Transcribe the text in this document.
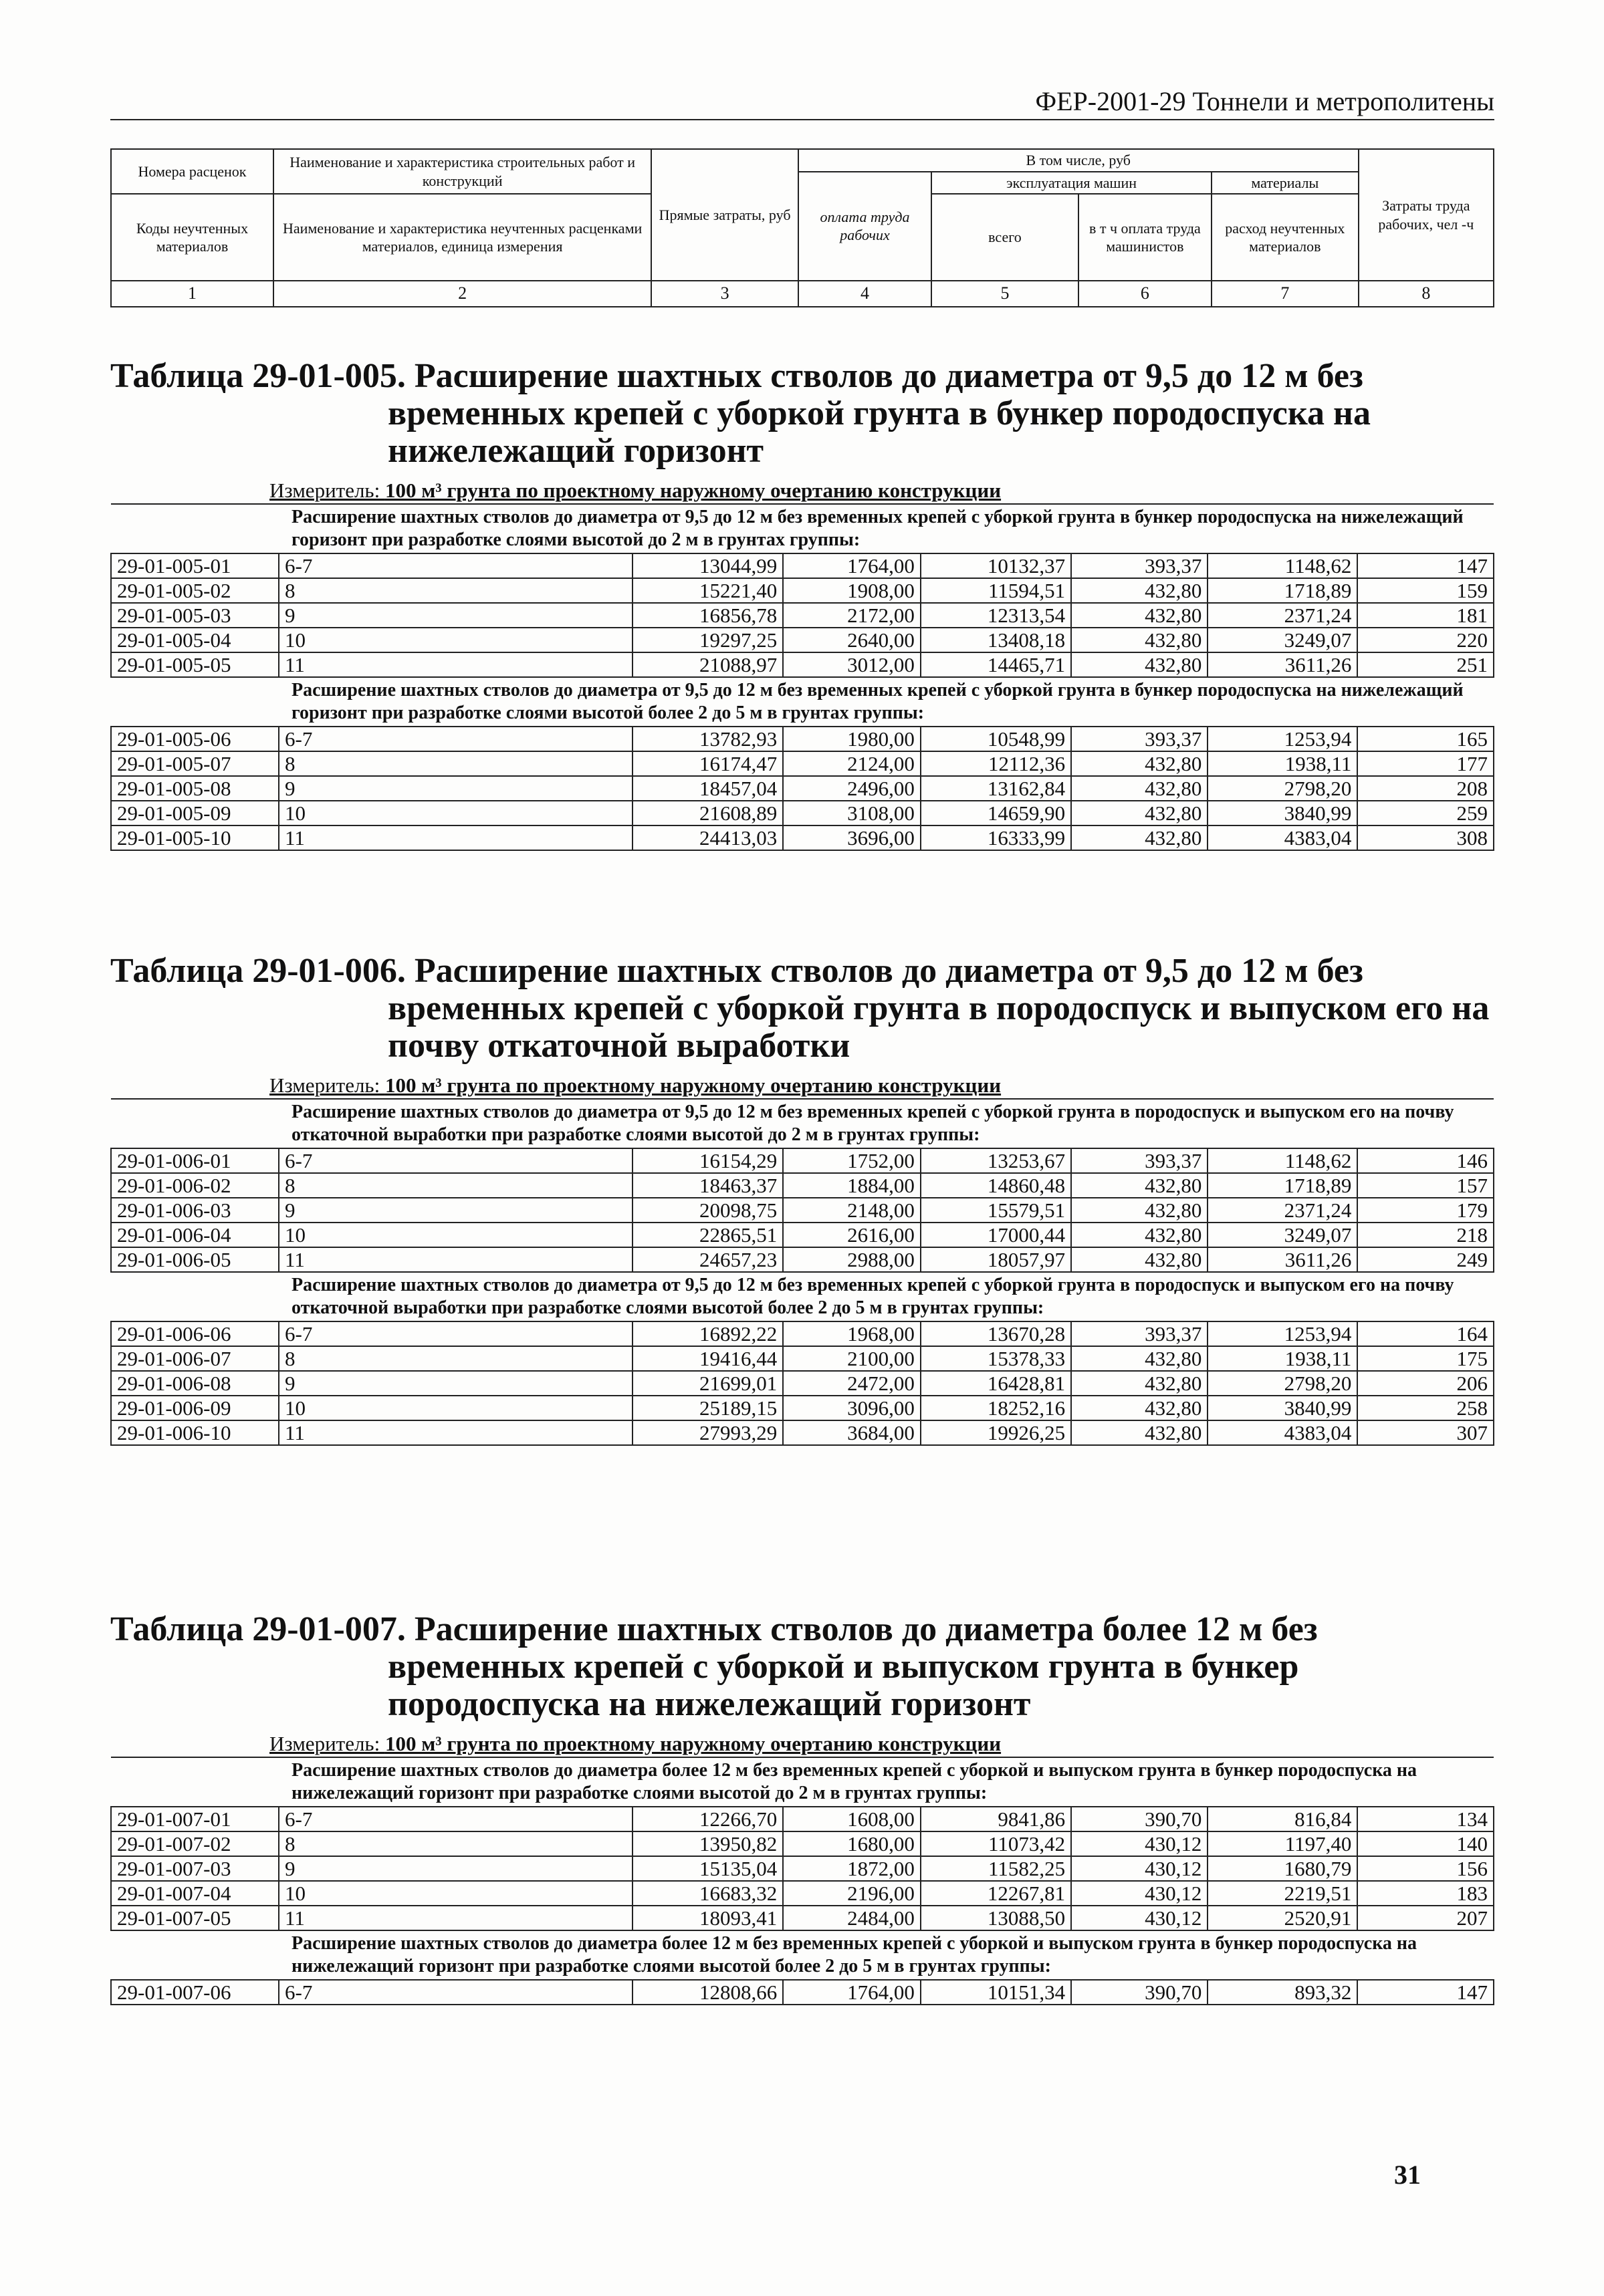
ФЕР-2001-29 Тоннели и метрополитены
Номера расценок	Наименование и характеристика строительных работ и конструкций	Прямые затраты, руб	В том числе, руб				Затраты труда рабочих, чел -ч
			оплата труда рабочих	эксплуатация машин		материалы	
Коды неучтенных материалов	Наименование и характеристика неучтенных расценками материалов, единица измерения			всего	в т ч оплата труда машинистов	расход неучтенных материалов	
1	2	3	4	5	6	7	8
Таблица 29-01-005. Расширение шахтных стволов до диаметра от 9,5 до 12 м без временных крепей с уборкой грунта в бункер породоспуска на нижележащий горизонт
Измеритель: 100 м³ грунта по проектному наружному очертанию конструкции
Расширение шахтных стволов до диаметра от 9,5 до 12 м без временных крепей с уборкой грунта в бункер породоспуска на нижележащий горизонт при разработке слоями высотой до 2 м в грунтах группы:							
29-01-005-01	6-7	13044,99	1764,00	10132,37	393,37	1148,62	147
29-01-005-02	8	15221,40	1908,00	11594,51	432,80	1718,89	159
29-01-005-03	9	16856,78	2172,00	12313,54	432,80	2371,24	181
29-01-005-04	10	19297,25	2640,00	13408,18	432,80	3249,07	220
29-01-005-05	11	21088,97	3012,00	14465,71	432,80	3611,26	251
Расширение шахтных стволов до диаметра от 9,5 до 12 м без временных крепей с уборкой грунта в бункер породоспуска на нижележащий горизонт при разработке слоями высотой более 2 до 5 м в грунтах группы:							
29-01-005-06	6-7	13782,93	1980,00	10548,99	393,37	1253,94	165
29-01-005-07	8	16174,47	2124,00	12112,36	432,80	1938,11	177
29-01-005-08	9	18457,04	2496,00	13162,84	432,80	2798,20	208
29-01-005-09	10	21608,89	3108,00	14659,90	432,80	3840,99	259
29-01-005-10	11	24413,03	3696,00	16333,99	432,80	4383,04	308
Таблица 29-01-006. Расширение шахтных стволов до диаметра от 9,5 до 12 м без временных крепей с уборкой грунта в породоспуск и выпуском его на почву откаточной выработки
Измеритель: 100 м³ грунта по проектному наружному очертанию конструкции
Расширение шахтных стволов до диаметра от 9,5 до 12 м без временных крепей с уборкой грунта в породоспуск и выпуском его на почву откаточной выработки при разработке слоями высотой до 2 м в грунтах группы:							
29-01-006-01	6-7	16154,29	1752,00	13253,67	393,37	1148,62	146
29-01-006-02	8	18463,37	1884,00	14860,48	432,80	1718,89	157
29-01-006-03	9	20098,75	2148,00	15579,51	432,80	2371,24	179
29-01-006-04	10	22865,51	2616,00	17000,44	432,80	3249,07	218
29-01-006-05	11	24657,23	2988,00	18057,97	432,80	3611,26	249
Расширение шахтных стволов до диаметра от 9,5 до 12 м без временных крепей с уборкой грунта в породоспуск и выпуском его на почву откаточной выработки при разработке слоями высотой более 2 до 5 м в грунтах группы:							
29-01-006-06	6-7	16892,22	1968,00	13670,28	393,37	1253,94	164
29-01-006-07	8	19416,44	2100,00	15378,33	432,80	1938,11	175
29-01-006-08	9	21699,01	2472,00	16428,81	432,80	2798,20	206
29-01-006-09	10	25189,15	3096,00	18252,16	432,80	3840,99	258
29-01-006-10	11	27993,29	3684,00	19926,25	432,80	4383,04	307
Таблица 29-01-007. Расширение шахтных стволов до диаметра более 12 м без временных крепей с уборкой и выпуском грунта в бункер породоспуска на нижележащий горизонт
Измеритель: 100 м³ грунта по проектному наружному очертанию конструкции
Расширение шахтных стволов до диаметра более 12 м без временных крепей с уборкой и выпуском грунта в бункер породоспуска на нижележащий горизонт при разработке слоями высотой до 2 м в грунтах группы:							
29-01-007-01	6-7	12266,70	1608,00	9841,86	390,70	816,84	134
29-01-007-02	8	13950,82	1680,00	11073,42	430,12	1197,40	140
29-01-007-03	9	15135,04	1872,00	11582,25	430,12	1680,79	156
29-01-007-04	10	16683,32	2196,00	12267,81	430,12	2219,51	183
29-01-007-05	11	18093,41	2484,00	13088,50	430,12	2520,91	207
Расширение шахтных стволов до диаметра более 12 м без временных крепей с уборкой и выпуском грунта в бункер породоспуска на нижележащий горизонт при разработке слоями высотой более 2 до 5 м в грунтах группы:							
29-01-007-06	6-7	12808,66	1764,00	10151,34	390,70	893,32	147
31
